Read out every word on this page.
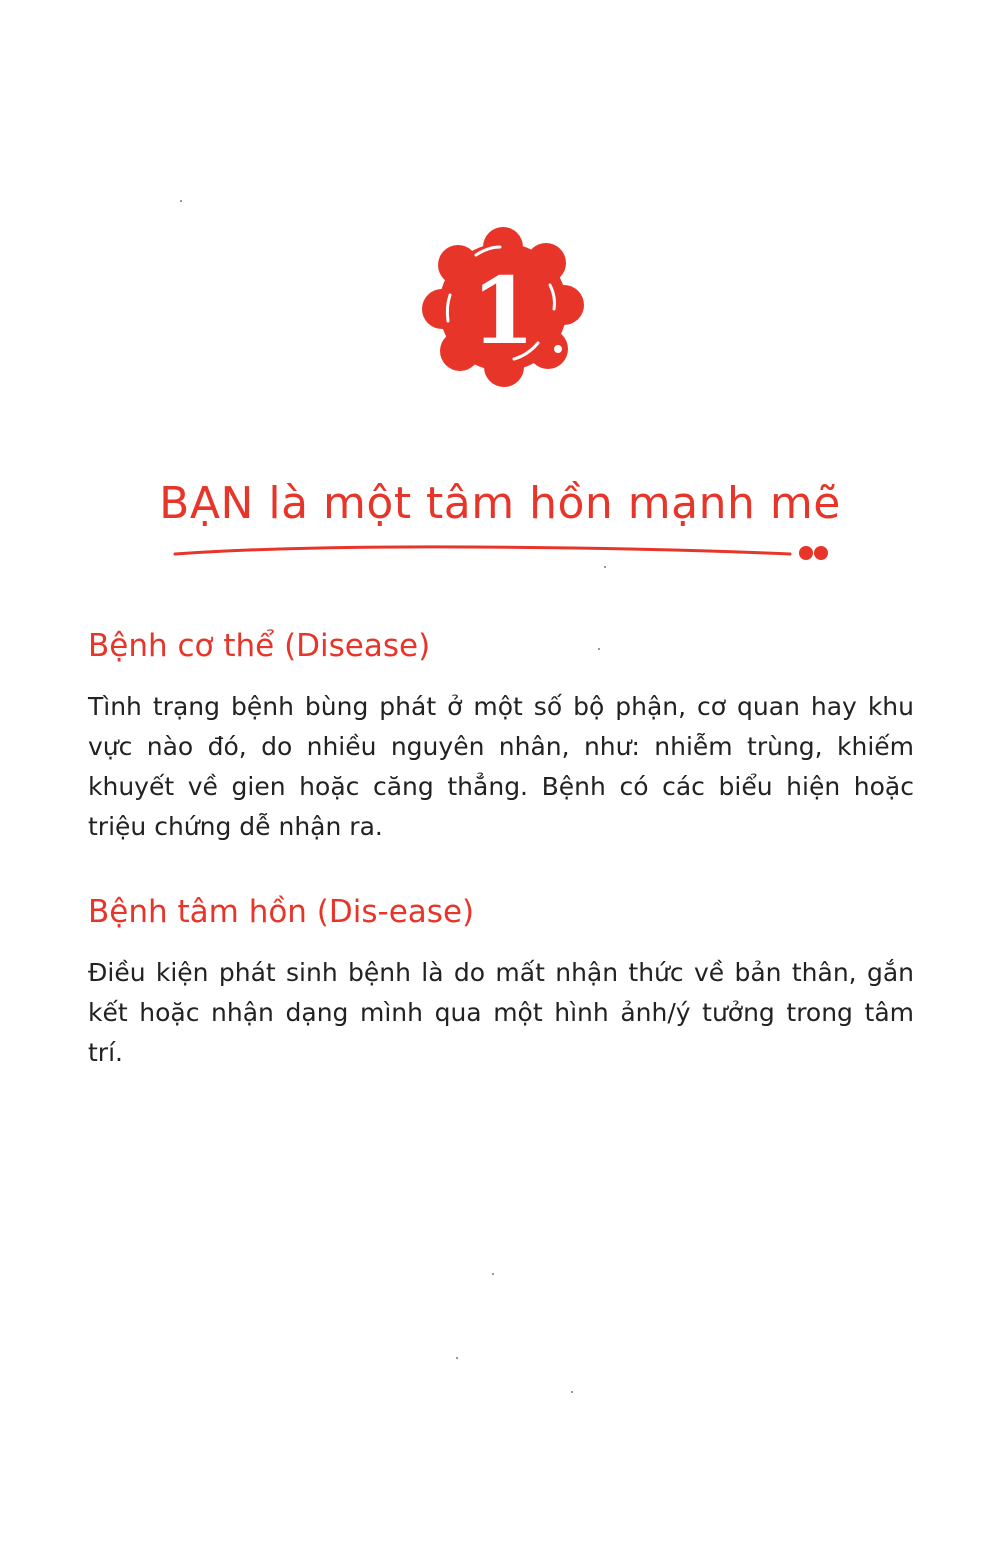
1
BẠN là một tâm hồn mạnh mẽ
Bệnh cơ thể (Disease)

Tình trạng bệnh bùng phát ở một số bộ phận, cơ quan hay khu vực nào đó, do nhiều nguyên nhân, như: nhiễm trùng, khiếm khuyết về gien hoặc căng thẳng. Bệnh có các biểu hiện hoặc triệu chứng dễ nhận ra.

Bệnh tâm hồn (Dis-ease)

Điều kiện phát sinh bệnh là do mất nhận thức về bản thân, gắn kết hoặc nhận dạng mình qua một hình ảnh/ý tưởng trong tâm trí.
